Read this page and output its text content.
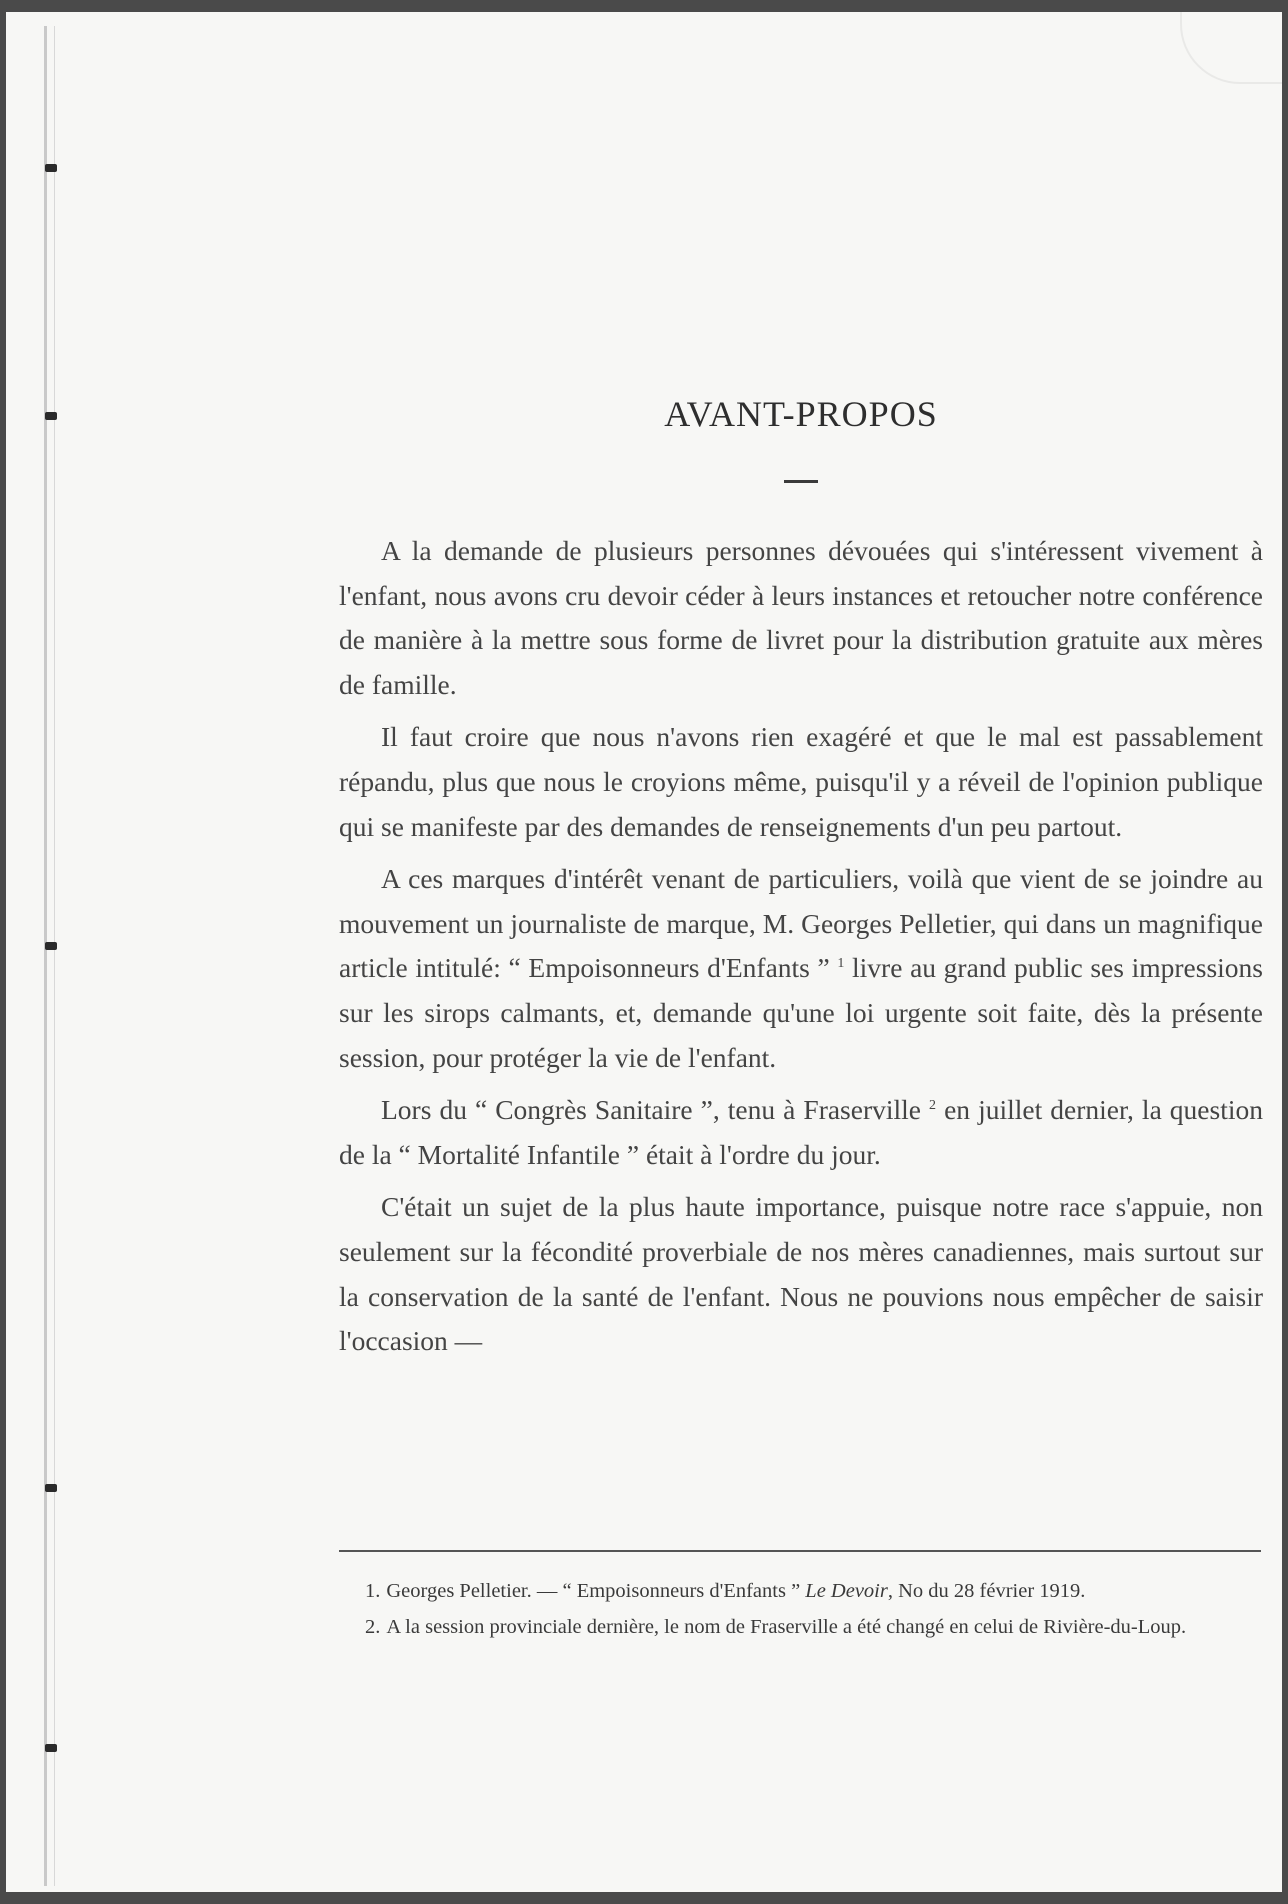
AVANT-PROPOS

A la demande de plusieurs personnes dévouées qui s'intéressent vivement à l'enfant, nous avons cru devoir céder à leurs instances et retoucher notre conférence de manière à la mettre sous forme de livret pour la distribution gratuite aux mères de famille.

Il faut croire que nous n'avons rien exagéré et que le mal est passablement répandu, plus que nous le croyions même, puisqu'il y a réveil de l'opinion publique qui se manifeste par des demandes de renseignements d'un peu partout.

A ces marques d'intérêt venant de particuliers, voilà que vient de se joindre au mouvement un journaliste de marque, M. Georges Pelletier, qui dans un magnifique article intitulé: “ Empoisonneurs d'Enfants ” $^1$ livre au grand public ses impressions sur les sirops calmants, et, demande qu'une loi urgente soit faite, dès la présente session, pour protéger la vie de l'enfant.

Lors du “ Congrès Sanitaire ”, tenu à Fraserville $^2$ en juillet dernier, la question de la “ Mortalité Infantile ” était à l'ordre du jour.

C'était un sujet de la plus haute importance, puisque notre race s'appuie, non seulement sur la fécondité proverbiale de nos mères canadiennes, mais surtout sur la conservation de la santé de l'enfant. Nous ne pouvions nous empêcher de saisir l'occasion —

1. Georges Pelletier. — “ Empoisonneurs d'Enfants ” Le Devoir, No du 28 février 1919.

2. A la session provinciale dernière, le nom de Fraserville a été changé en celui de Rivière-du-Loup.
